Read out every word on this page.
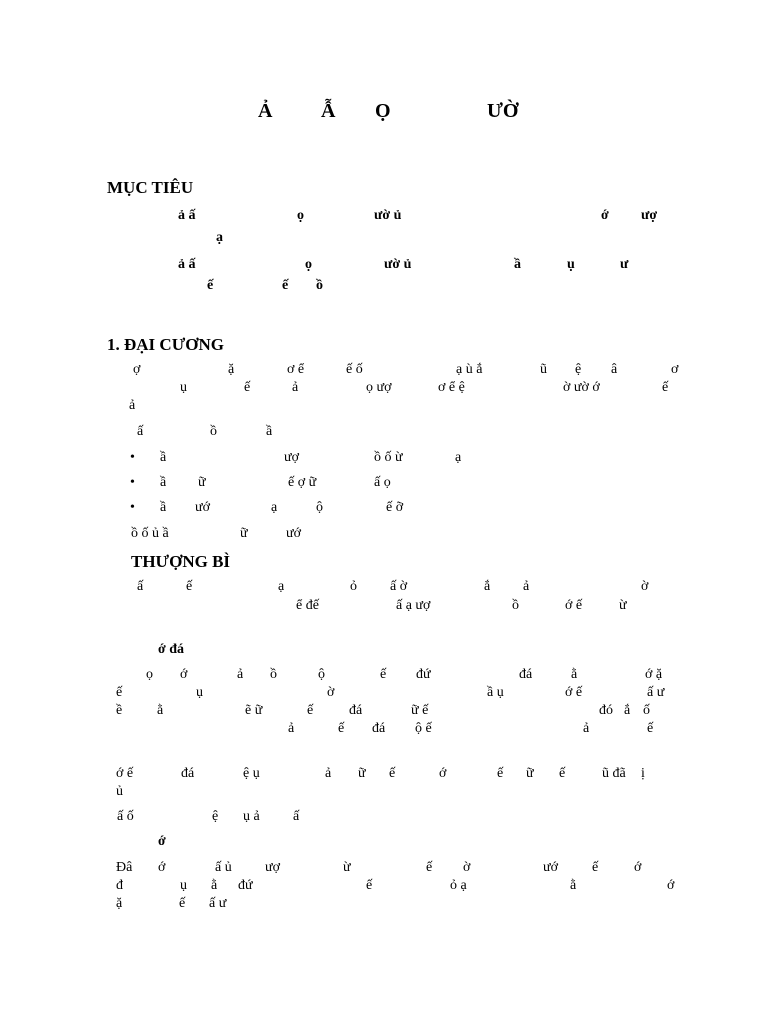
Ả Ẫ Ọ	ƯỜ
MỤC TIÊU
ả ấ	ọ	ườ ủ	ớ ượ
ạ
ả ấ	ọ	ườ ủ	ầ	ụ	ư
ế	ế ồ
1. ĐẠI CƯƠNG
ợ	ặ	ơ ể	ế ố	ạ ù ắ	ũ ệ â	ơ
ụ	ế	ả	ọ ượ	ơ ể ệ	ờ ườ ớ	ế
ả
ấ	ồ	ầ
• ầ	ượ	ồ ố ừ	ạ
• ầ ữ	ế ợ ữ	ấ ọ
• ầ ướ	ạ	ộ	ế ỡ
ồ ố ủ ầ	ữ	ướ
THƯỢNG BÌ
ấ	ế	ạ	ỏ ấ ờ	ắ ả	ờ
ể đế	ấ ạ ượ	ồ	ớ ế	ừ
ớ đá
ọ ớ	ả ồ	ộ	ế đứ	đá	ằ	ớ ặ
ế	ụ	ờ	ầ ụ	ớ ế	ấ ư
ề ằ	ẽ ữ	ế	đá	ữ ế	đó ắ ố
ả	ế đá ộ ế	ả	ế
ớ ế	đá	ệ ụ	ả ữ ế	ớ	ế ữ ế	ũ đã ị
ủ
ấ ố	ệ ụ ả ấ
ớ
Đâ ớ	ấ ủ ượ	ừ	ế ờ	ướ ế	ớ
đ	ụ ằ đứ	ế	ỏ ạ	ằ	ớ
ặ	ế ấ ư
